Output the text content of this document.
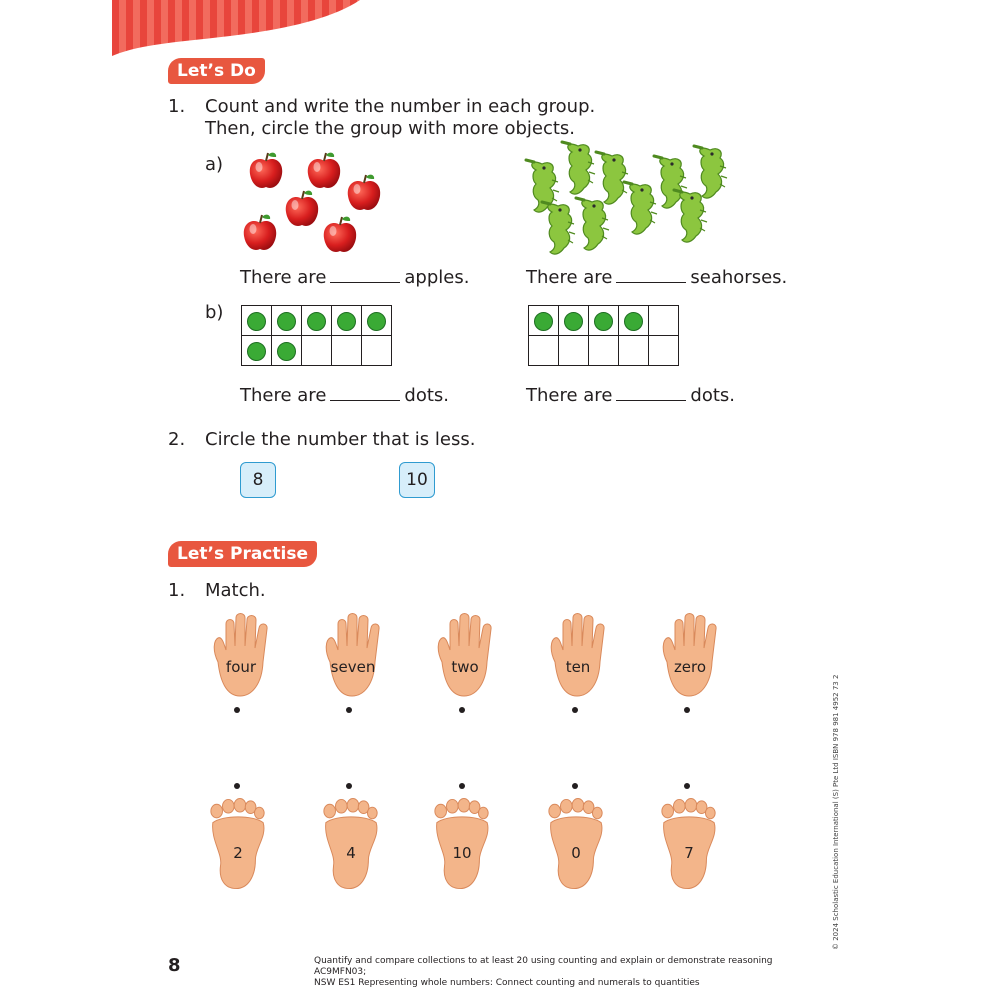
Let’s Do
1. Count and write the number in each group.
Then, circle the group with more objects.
a)
There are	apples.	There are	seahorses.
b)

There are	dots.	There are	dots.
2. Circle the number that is less.
8	10
Let’s Practise
1. Match.
four	seven	two	ten	zero
2	4	10	0	7	© 2024 Scholastic Education International (S) Pte Ltd ISBN 978 981 4952 73 2
8	Quantify and compare collections to at least 20 using counting and explain or demonstrate reasoning AC9MFN03;
NSW ES1 Representing whole numbers: Connect counting and numerals to quantities
